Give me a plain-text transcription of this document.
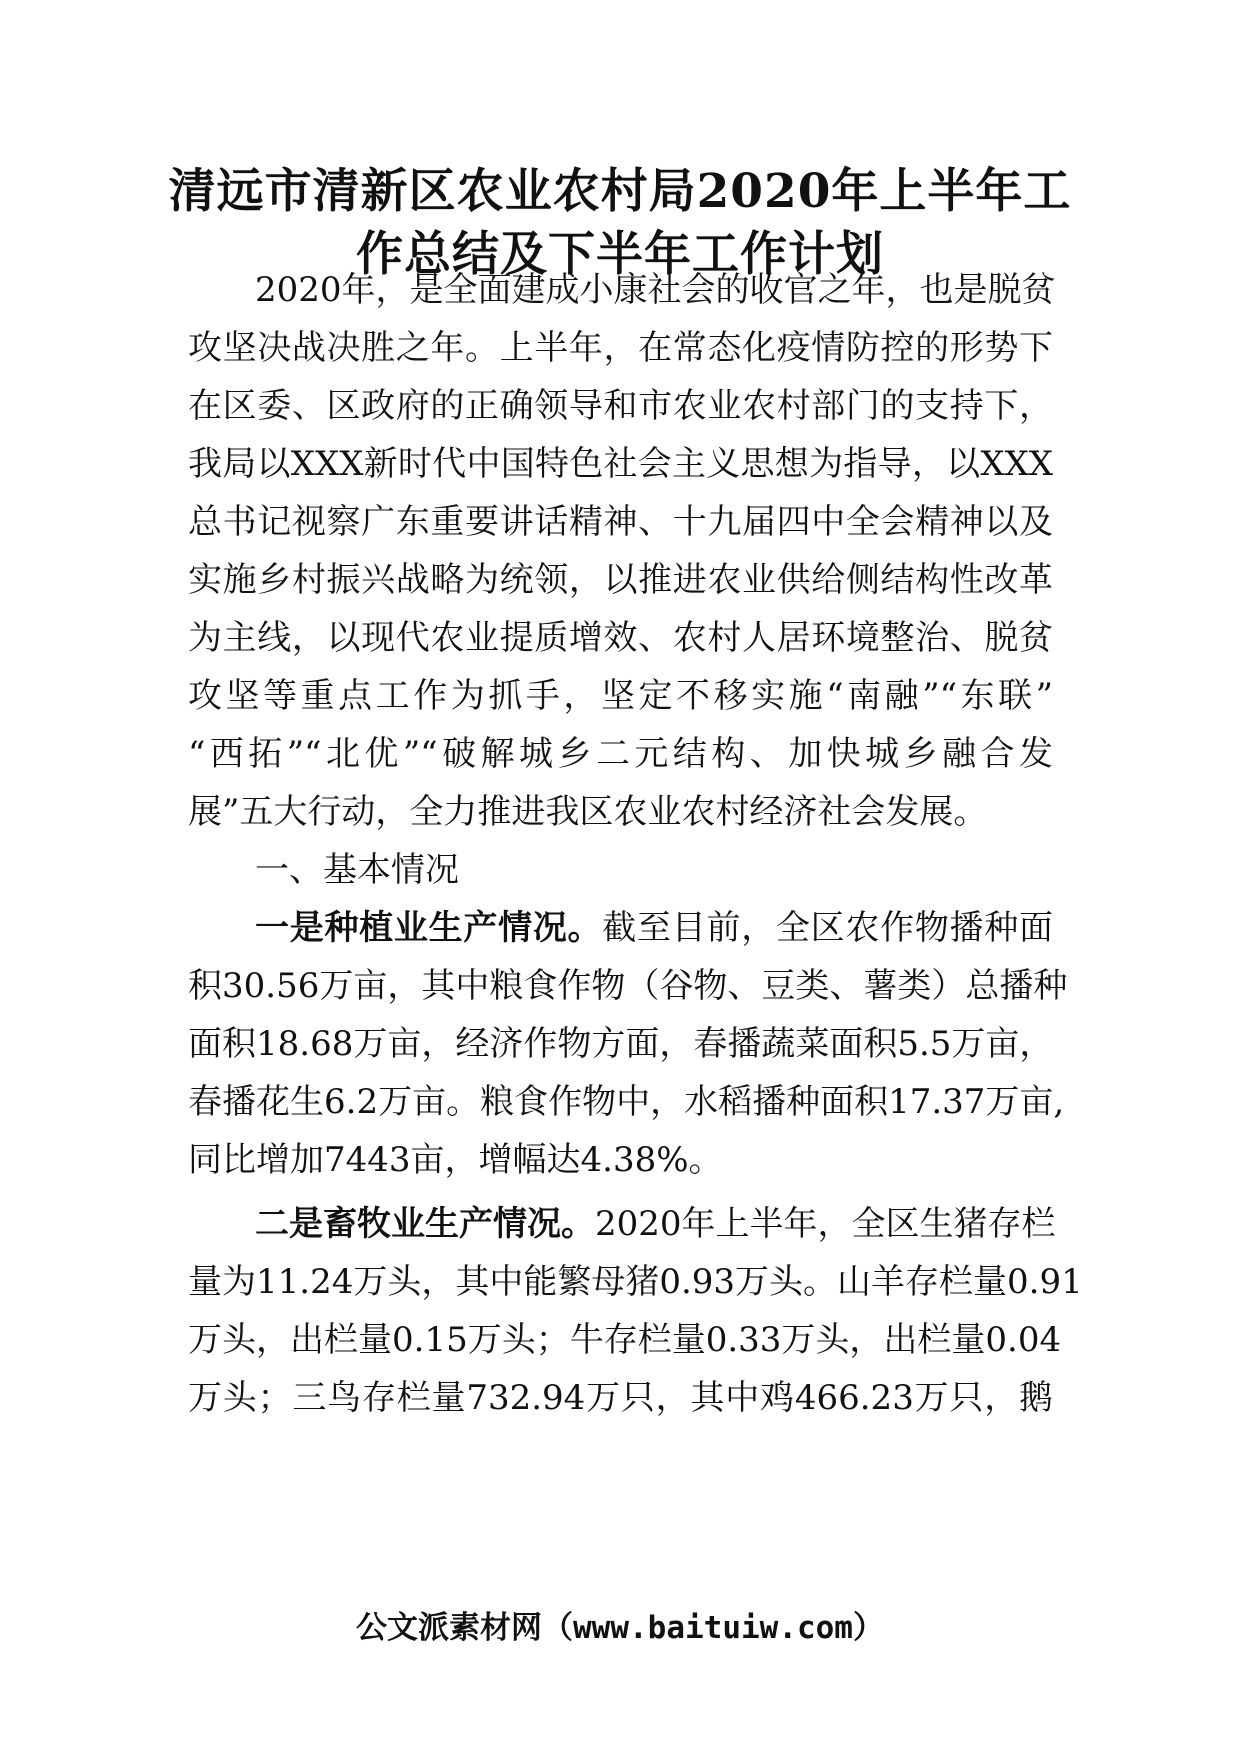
清远市清新区农业农村局2020年上半年工
作总结及下半年工作计划
2020年，是全面建成小康社会的收官之年，也是脱贫
攻坚决战决胜之年。上半年，在常态化疫情防控的形势下
在区委、区政府的正确领导和市农业农村部门的支持下，
我局以XXX新时代中国特色社会主义思想为指导，以XXX
总书记视察广东重要讲话精神、十九届四中全会精神以及
实施乡村振兴战略为统领，以推进农业供给侧结构性改革
为主线，以现代农业提质增效、农村人居环境整治、脱贫
攻坚等重点工作为抓手，坚定不移实施“南融”“东联”
“西拓”“北优”“破解城乡二元结构、加快城乡融合发
展”五大行动，全力推进我区农业农村经济社会发展。
一、基本情况
一是种植业生产情况。截至目前，全区农作物播种面
积30.56万亩，其中粮食作物（谷物、豆类、薯类）总播种
面积18.68万亩，经济作物方面，春播蔬菜面积5.5万亩，
春播花生6.2万亩。粮食作物中，水稻播种面积17.37万亩,
同比增加7443亩，增幅达4.38%。
二是畜牧业生产情况。2020年上半年，全区生猪存栏
量为11.24万头，其中能繁母猪0.93万头。山羊存栏量0.91
万头，出栏量0.15万头；牛存栏量0.33万头，出栏量0.04
万头；三鸟存栏量732.94万只，其中鸡466.23万只，鹅
公文派素材网（www.baituiw.com）
